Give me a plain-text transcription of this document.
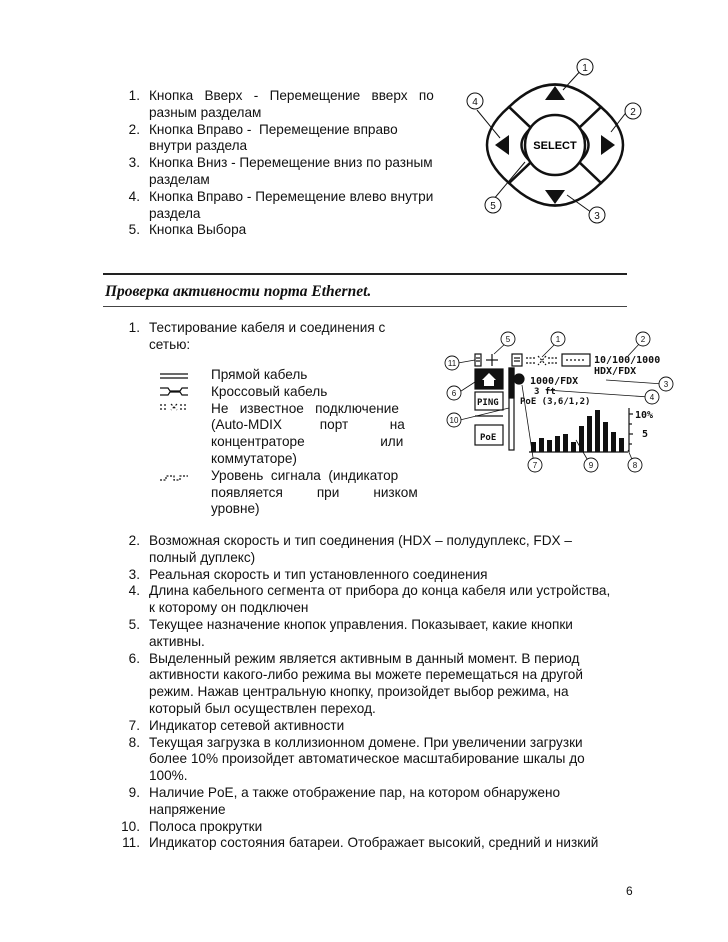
1. Кнопка   Вверх   -   Перемещение   вверх   по
разным разделам
2. Кнопка Вправо -  Перемещение вправо
внутри раздела
3. Кнопка Вниз - Перемещение вниз по разным
разделам
4. Кнопка Вправо - Перемещение влево внутри
раздела
5. Кнопка Выбора
SELECT
1
2
3
4
5
Проверка активности порта Ethernet.
1. Тестирование кабеля и соединения с
сетью:
Прямой кабель
Кроссовый кабель
Не   известное   подключение
(Auto-MDIX          порт           на
концентраторе                    или
коммутаторе)
Уровень  сигнала  (индикатор
появляется         при         низком
уровне)
10/100/1000
HDX/FDX
1000/FDX
3 ft
PING
PoE
PoE (3,6/1,2)
10%
5
1	2
3
4
5
6
7	8
9
10
11
2. Возможная скорость и тип соединения (HDX – полудуплекс, FDX –
полный дуплекс)
3. Реальная скорость и тип установленного соединения
4. Длина кабельного сегмента от прибора до конца кабеля или устройства,
к которому он подключен
5. Текущее назначение кнопок управления. Показывает, какие кнопки
активны.
6. Выделенный режим является активным в данный момент. В период
активности какого-либо режима вы можете перемещаться на другой
режим. Нажав центральную кнопку, произойдет выбор режима, на
который был осуществлен переход.
7. Индикатор сетевой активности
8. Текущая загрузка в коллизионном домене. При увеличении загрузки
более 10% произойдет автоматическое масштабирование шкалы до
100%.
9. Наличие PoE, а также отображение пар, на котором обнаружено
напряжение
10. Полоса прокрутки
11. Индикатор состояния батареи. Отображает высокий, средний и низкий
6
